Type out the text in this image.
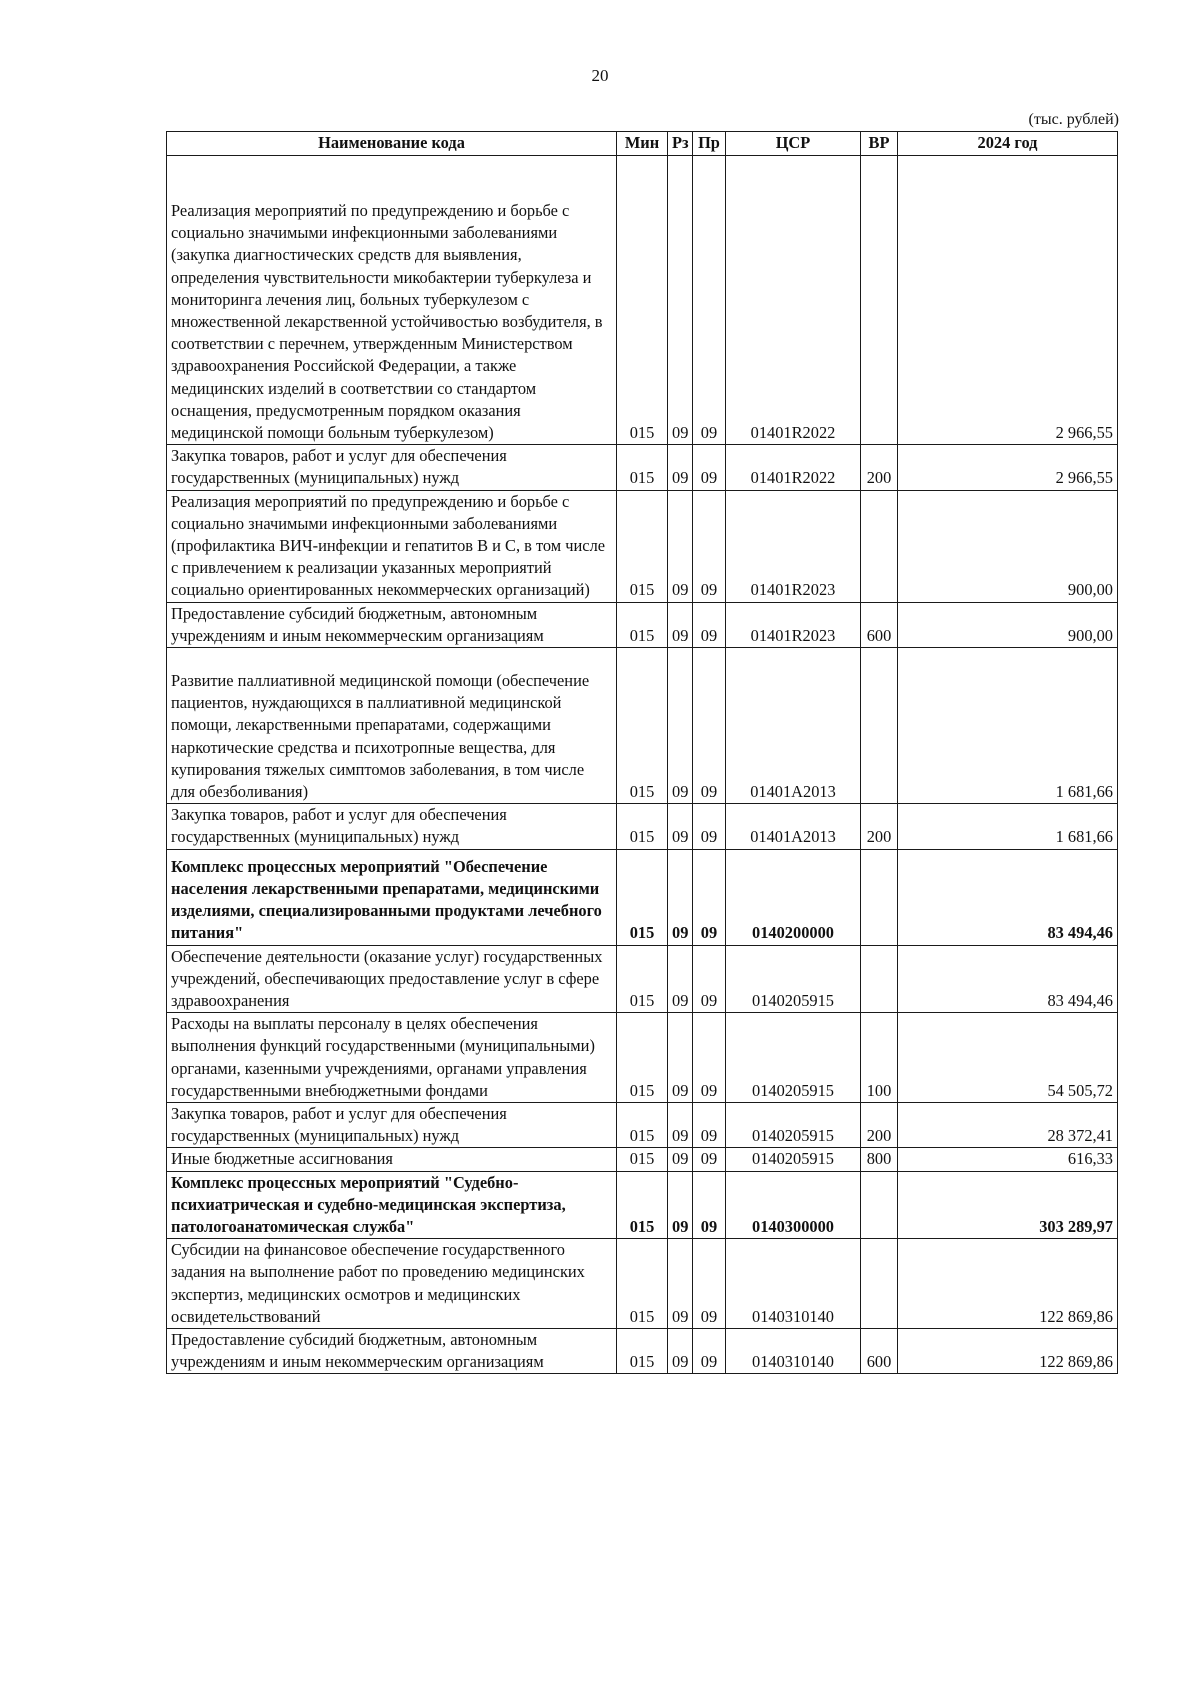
20
(тыс. рублей)
Наименование кода	Мин	Рз	Пр	ЦСР	ВР	2024 год
Реализация мероприятий по предупреждению и борьбе с социально значимыми инфекционными заболеваниями (закупка диагностических средств для выявления, определения чувствительности микобактерии туберкулеза и мониторинга лечения лиц, больных туберкулезом с множественной лекарственной устойчивостью возбудителя, в соответствии с перечнем, утвержденным Министерством здравоохранения Российской Федерации, а также медицинских изделий в соответствии со стандартом оснащения, предусмотренным порядком оказания медицинской помощи больным туберкулезом)	015	09	09	01401R2022		2 966,55
Закупка товаров, работ и услуг для обеспечения государственных (муниципальных) нужд	015	09	09	01401R2022	200	2 966,55
Реализация мероприятий по предупреждению и борьбе с социально значимыми инфекционными заболеваниями (профилактика ВИЧ-инфекции и гепатитов B и C, в том числе с привлечением к реализации указанных мероприятий социально ориентированных некоммерческих организаций)	015	09	09	01401R2023		900,00
Предоставление субсидий бюджетным, автономным учреждениям и иным некоммерческим организациям	015	09	09	01401R2023	600	900,00
Развитие паллиативной медицинской помощи (обеспечение пациентов, нуждающихся в паллиативной медицинской помощи, лекарственными препаратами, содержащими наркотические средства и психотропные вещества, для купирования тяжелых симптомов заболевания, в том числе для обезболивания)	015	09	09	01401A2013		1 681,66
Закупка товаров, работ и услуг для обеспечения государственных (муниципальных) нужд	015	09	09	01401A2013	200	1 681,66
Комплекс процессных мероприятий "Обеспечение населения лекарственными препаратами, медицинскими изделиями, специализированными продуктами лечебного питания"	015	09	09	0140200000		83 494,46
Обеспечение деятельности (оказание услуг) государственных учреждений, обеспечивающих предоставление услуг в сфере здравоохранения	015	09	09	0140205915		83 494,46
Расходы на выплаты персоналу в целях обеспечения выполнения функций государственными (муниципальными) органами, казенными учреждениями, органами управления государственными внебюджетными фондами	015	09	09	0140205915	100	54 505,72
Закупка товаров, работ и услуг для обеспечения государственных (муниципальных) нужд	015	09	09	0140205915	200	28 372,41
Иные бюджетные ассигнования	015	09	09	0140205915	800	616,33
Комплекс процессных мероприятий "Судебно-психиатрическая и судебно-медицинская экспертиза, патологоанатомическая служба"	015	09	09	0140300000		303 289,97
Субсидии на финансовое обеспечение государственного задания на выполнение работ по проведению медицинских экспертиз, медицинских осмотров и медицинских освидетельствований	015	09	09	0140310140		122 869,86
Предоставление субсидий бюджетным, автономным учреждениям и иным некоммерческим организациям	015	09	09	0140310140	600	122 869,86
